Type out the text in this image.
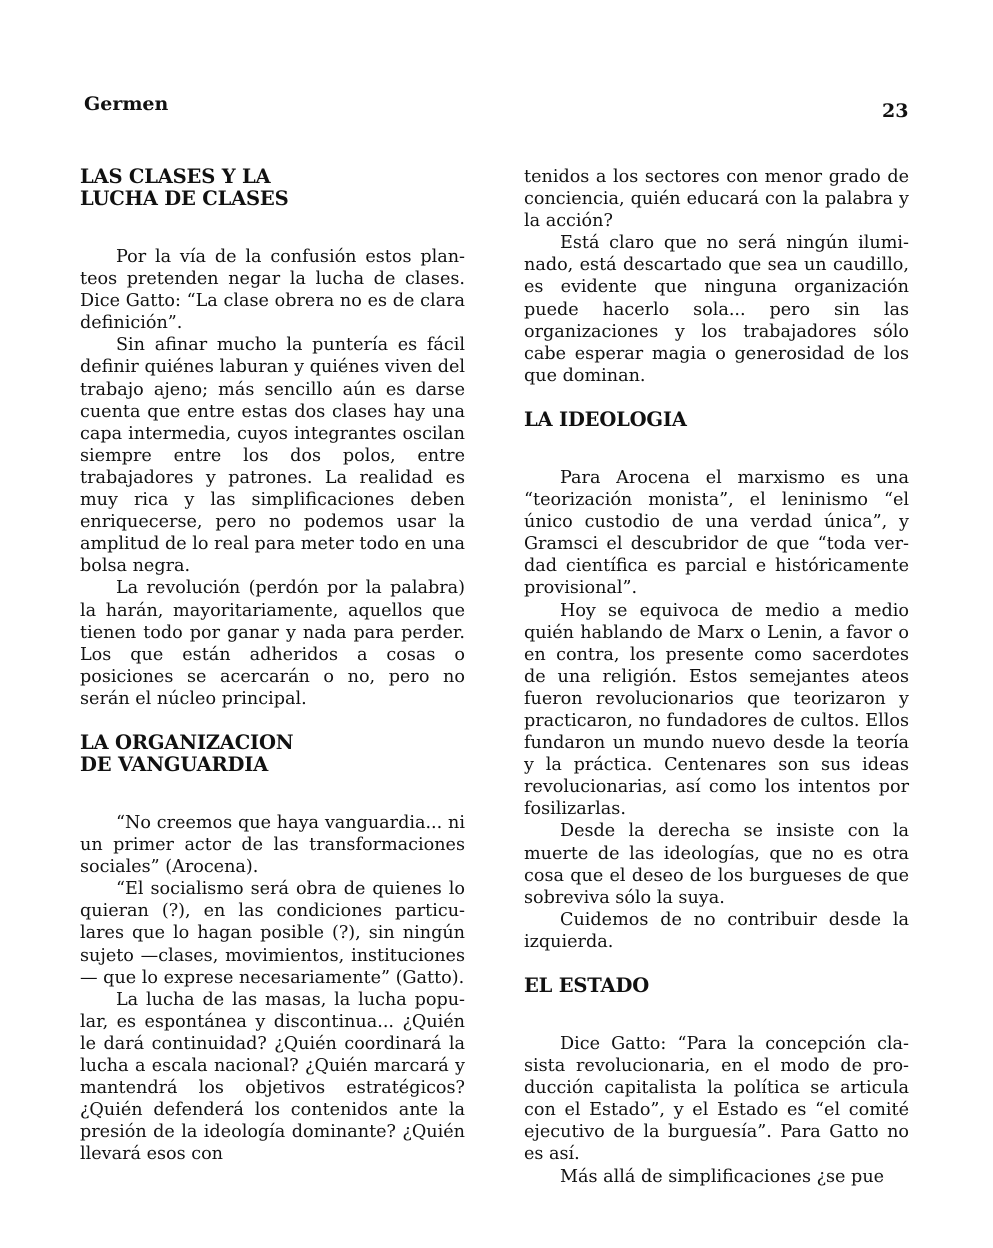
Germen	23
LAS CLASES Y LA
LUCHA DE CLASES

Por la vía de la confusión estos planteos pretenden negar la lucha de clases. Dice Gatto: “La clase obrera no es de clara definición”.

Sin afinar mucho la puntería es fácil definir quiénes laburan y quiénes viven del trabajo ajeno; más sencillo aún es darse cuenta que entre estas dos clases hay una capa intermedia, cuyos integrantes oscilan siempre entre los dos polos, entre trabajadores y patrones. La realidad es muy rica y las simplificaciones deben enriquecerse, pero no podemos usar la amplitud de lo real para meter todo en una bolsa negra.

La revolución (perdón por la palabra) la harán, mayoritariamente, aquellos que tienen todo por ganar y nada para perder. Los que están adheridos a cosas o posiciones se acercarán o no, pero no serán el núcleo principal.

LA ORGANIZACION
DE VANGUARDIA

“No creemos que haya vanguardia... ni un primer actor de las transformaciones sociales” (Arocena).

“El socialismo será obra de quienes lo quieran (?), en las condiciones particulares que lo hagan posible (?), sin ningún sujeto —clases, movimientos, instituciones— que lo exprese necesariamente” (Gatto).

La lucha de las masas, la lucha popular, es espontánea y discontinua... ¿Quién le dará continuidad? ¿Quién coordinará la lucha a escala nacional? ¿Quién marcará y mantendrá los objetivos estratégicos? ¿Quién defenderá los contenidos ante la presión de la ideología dominante? ¿Quién llevará esos con

tenidos a los sectores con menor grado de conciencia, quién educará con la palabra y la acción?

Está claro que no será ningún iluminado, está descartado que sea un caudillo, es evidente que ninguna organización puede hacerlo sola... pero sin las organizaciones y los trabajadores sólo cabe esperar magia o generosidad de los que dominan.

LA IDEOLOGIA

Para Arocena el marxismo es una “teorización monista”, el leninismo “el único custodio de una verdad única”, y Gramsci el descubridor de que “toda verdad científica es parcial e históricamente provisional”.

Hoy se equivoca de medio a medio quién hablando de Marx o Lenin, a favor o en contra, los presente como sacerdotes de una religión. Estos semejantes ateos fueron revolucionarios que teorizaron y practicaron, no fundadores de cultos. Ellos fundaron un mundo nuevo desde la teoría y la práctica. Centenares son sus ideas revolucionarias, así como los intentos por fosilizarlas.

Desde la derecha se insiste con la muerte de las ideologías, que no es otra cosa que el deseo de los burgueses de que sobreviva sólo la suya.

Cuidemos de no contribuir desde la izquierda.

EL ESTADO

Dice Gatto: “Para la concepción clasista revolucionaria, en el modo de producción capitalista la política se articula con el Estado”, y el Estado es “el comité ejecutivo de la burguesía”. Para Gatto no es así.

Más allá de simplificaciones ¿se pue
